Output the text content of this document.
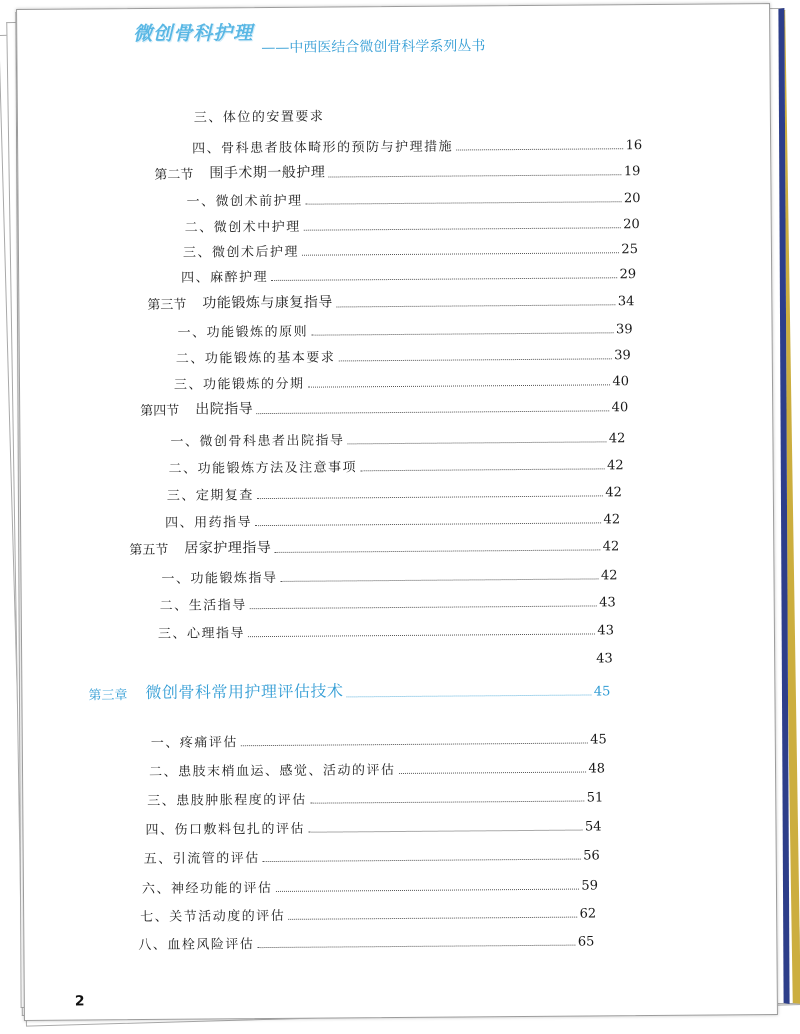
微创骨科护理
——中西医结合微创骨科学系列丛书
三、体位的安置要求
四、骨科患者肢体畸形的预防与护理措施	16
第二节 围手术期一般护理	19
一、微创术前护理	20
二、微创术中护理	20
三、微创术后护理	25
四、麻醉护理	29
第三节 功能锻炼与康复指导	34
一、功能锻炼的原则	39
二、功能锻炼的基本要求	39
三、功能锻炼的分期	40
第四节 出院指导	40
一、微创骨科患者出院指导	42
二、功能锻炼方法及注意事项	42
三、定期复查	42
四、用药指导	42
第五节 居家护理指导	42
一、功能锻炼指导	42
二、生活指导	43
三、心理指导	43
43
第三章 微创骨科常用护理评估技术	45
一、疼痛评估	45
二、患肢末梢血运、感觉、活动的评估	48
三、患肢肿胀程度的评估	51
四、伤口敷料包扎的评估	54
五、引流管的评估	56
六、神经功能的评估	59
七、关节活动度的评估	62
八、血栓风险评估	65
2
